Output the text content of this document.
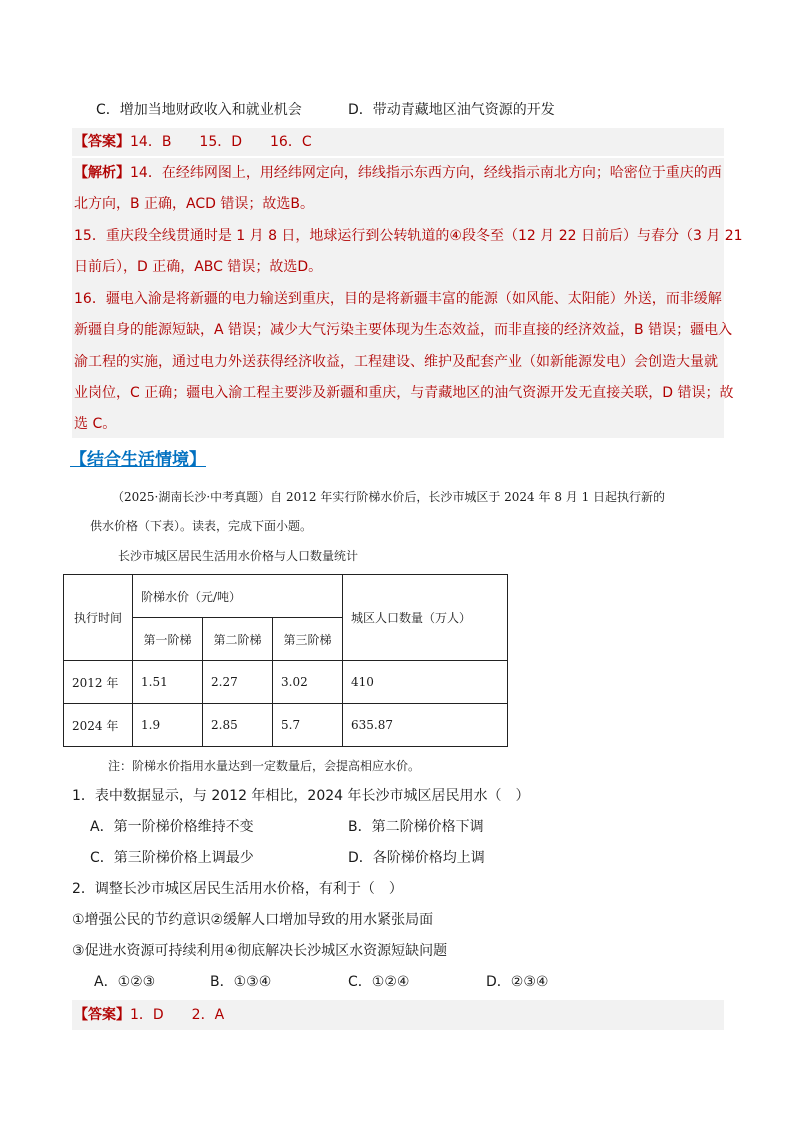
C．增加当地财政收入和就业机会	D．带动青藏地区油气资源的开发
【答案】14．B　　15．D　　16．C
【解析】14．在经纬网图上，用经纬网定向，纬线指示东西方向，经线指示南北方向；哈密位于重庆的西
北方向，B 正确，ACD 错误；故选B。
15．重庆段全线贯通时是 1 月 8 日，地球运行到公转轨道的④段冬至（12 月 22 日前后）与春分（3 月 21
日前后），D 正确，ABC 错误；故选D。
16．疆电入渝是将新疆的电力输送到重庆，目的是将新疆丰富的能源（如风能、太阳能）外送，而非缓解
新疆自身的能源短缺，A 错误；减少大气污染主要体现为生态效益，而非直接的经济效益，B 错误；疆电入
渝工程的实施，通过电力外送获得经济收益，工程建设、维护及配套产业（如新能源发电）会创造大量就
业岗位，C 正确；疆电入渝工程主要涉及新疆和重庆，与青藏地区的油气资源开发无直接关联，D 错误；故
选 C。
【结合生活情境】
（2025·湖南长沙·中考真题）自 2012 年实行阶梯水价后，长沙市城区于 2024 年 8 月 1 日起执行新的
供水价格（下表）。读表，完成下面小题。
长沙市城区居民生活用水价格与人口数量统计
执行时间	阶梯水价（元/吨）			城区人口数量（万人）
	第一阶梯	第二阶梯	第三阶梯	
2012 年	1.51	2.27	3.02	410
2024 年	1.9	2.85	5.7	635.87
注：阶梯水价指用水量达到一定数量后，会提高相应水价。
1．表中数据显示，与 2012 年相比，2024 年长沙市城区居民用水（　）
A．第一阶梯价格维持不变	B．第二阶梯价格下调
C．第三阶梯价格上调最少	D．各阶梯价格均上调
2．调整长沙市城区居民生活用水价格，有利于（　）
①增强公民的节约意识②缓解人口增加导致的用水紧张局面
③促进水资源可持续利用④彻底解决长沙城区水资源短缺问题
A．①②③	B．①③④	C．①②④	D．②③④
【答案】1．D　　2．A
